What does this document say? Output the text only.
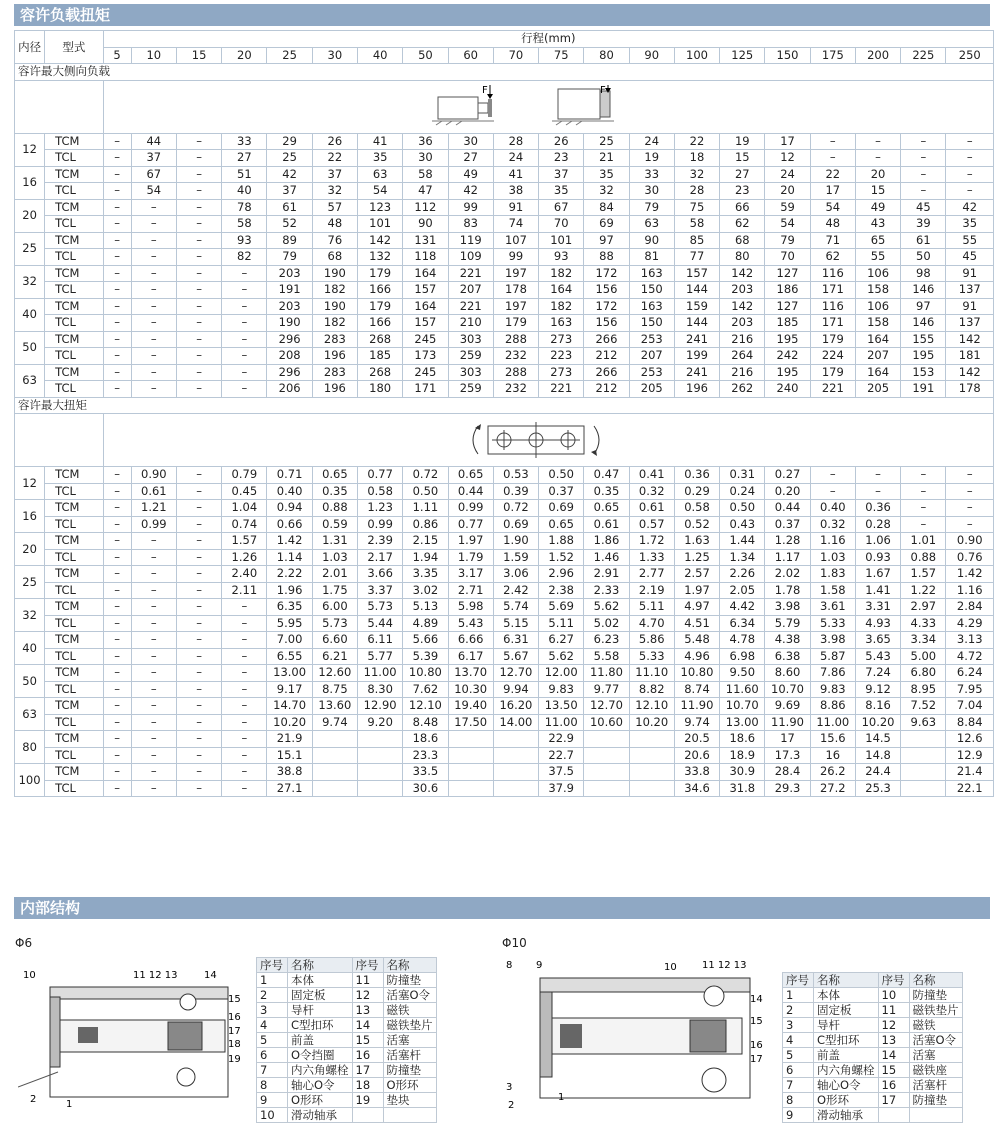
容许负载扭矩
内径	型式	行程(mm)																			
		5	10	15	20	25	30	40	50	60	70	75	80	90	100	125	150	175	200	225	250
容许最大侧向负载																					

F F																			

12	TCM	–	44	–	33	29	26	41	36	30	28	26	25	24	22	19	17	–	–	–	–
	TCL	–	37	–	27	25	22	35	30	27	24	23	21	19	18	15	12	–	–	–	–
16	TCM	–	67	–	51	42	37	63	58	49	41	37	35	33	32	27	24	22	20	–	–
	TCL	–	54	–	40	37	32	54	47	42	38	35	32	30	28	23	20	17	15	–	–
20	TCM	–	–	–	78	61	57	123	112	99	91	67	84	79	75	66	59	54	49	45	42
	TCL	–	–	–	58	52	48	101	90	83	74	70	69	63	58	62	54	48	43	39	35
25	TCM	–	–	–	93	89	76	142	131	119	107	101	97	90	85	68	79	71	65	61	55
	TCL	–	–	–	82	79	68	132	118	109	99	93	88	81	77	80	70	62	55	50	45
32	TCM	–	–	–	–	203	190	179	164	221	197	182	172	163	157	142	127	116	106	98	91
	TCL	–	–	–	–	191	182	166	157	207	178	164	156	150	144	203	186	171	158	146	137
40	TCM	–	–	–	–	203	190	179	164	221	197	182	172	163	159	142	127	116	106	97	91
	TCL	–	–	–	–	190	182	166	157	210	179	163	156	150	144	203	185	171	158	146	137
50	TCM	–	–	–	–	296	283	268	245	303	288	273	266	253	241	216	195	179	164	155	142
	TCL	–	–	–	–	208	196	185	173	259	232	223	212	207	199	264	242	224	207	195	181
63	TCM	–	–	–	–	296	283	268	245	303	288	273	266	253	241	216	195	179	164	153	142
	TCL	–	–	–	–	206	196	180	171	259	232	221	212	205	196	262	240	221	205	191	178
容许最大扭矩																					

12	TCM	–	0.90	–	0.79	0.71	0.65	0.77	0.72	0.65	0.53	0.50	0.47	0.41	0.36	0.31	0.27	–	–	–	–
	TCL	–	0.61	–	0.45	0.40	0.35	0.58	0.50	0.44	0.39	0.37	0.35	0.32	0.29	0.24	0.20	–	–	–	–
16	TCM	–	1.21	–	1.04	0.94	0.88	1.23	1.11	0.99	0.72	0.69	0.65	0.61	0.58	0.50	0.44	0.40	0.36	–	–
	TCL	–	0.99	–	0.74	0.66	0.59	0.99	0.86	0.77	0.69	0.65	0.61	0.57	0.52	0.43	0.37	0.32	0.28	–	–
20	TCM	–	–	–	1.57	1.42	1.31	2.39	2.15	1.97	1.90	1.88	1.86	1.72	1.63	1.44	1.28	1.16	1.06	1.01	0.90
	TCL	–	–	–	1.26	1.14	1.03	2.17	1.94	1.79	1.59	1.52	1.46	1.33	1.25	1.34	1.17	1.03	0.93	0.88	0.76
25	TCM	–	–	–	2.40	2.22	2.01	3.66	3.35	3.17	3.06	2.96	2.91	2.77	2.57	2.26	2.02	1.83	1.67	1.57	1.42
	TCL	–	–	–	2.11	1.96	1.75	3.37	3.02	2.71	2.42	2.38	2.33	2.19	1.97	2.05	1.78	1.58	1.41	1.22	1.16
32	TCM	–	–	–	–	6.35	6.00	5.73	5.13	5.98	5.74	5.69	5.62	5.11	4.97	4.42	3.98	3.61	3.31	2.97	2.84
	TCL	–	–	–	–	5.95	5.73	5.44	4.89	5.43	5.15	5.11	5.02	4.70	4.51	6.34	5.79	5.33	4.93	4.33	4.29
40	TCM	–	–	–	–	7.00	6.60	6.11	5.66	6.66	6.31	6.27	6.23	5.86	5.48	4.78	4.38	3.98	3.65	3.34	3.13
	TCL	–	–	–	–	6.55	6.21	5.77	5.39	6.17	5.67	5.62	5.58	5.33	4.96	6.98	6.38	5.87	5.43	5.00	4.72
50	TCM	–	–	–	–	13.00	12.60	11.00	10.80	13.70	12.70	12.00	11.80	11.10	10.80	9.50	8.60	7.86	7.24	6.80	6.24
	TCL	–	–	–	–	9.17	8.75	8.30	7.62	10.30	9.94	9.83	9.77	8.82	8.74	11.60	10.70	9.83	9.12	8.95	7.95
63	TCM	–	–	–	–	14.70	13.60	12.90	12.10	19.40	16.20	13.50	12.70	12.10	11.90	10.70	9.69	8.86	8.16	7.52	7.04
	TCL	–	–	–	–	10.20	9.74	9.20	8.48	17.50	14.00	11.00	10.60	10.20	9.74	13.00	11.90	11.00	10.20	9.63	8.84
80	TCM	–	–	–	–	21.9			18.6			22.9			20.5	18.6	17	15.6	14.5		12.6
	TCL	–	–	–	–	15.1			23.3			22.7			20.6	18.9	17.3	16	14.8		12.9
100	TCM	–	–	–	–	38.8			33.5			37.5			33.8	30.9	28.4	26.2	24.4		21.4
	TCL	–	–	–	–	27.1			30.6			37.9			34.6	31.8	29.3	27.2	25.3		22.1
内部结构
Φ6	Φ10
10	11 12 13	14
15
16
17
18
19
2	1
序号	名称	序号	名称
1	本体	11	防撞垫
2	固定板	12	活塞O令
3	导杆	13	磁铁
4	C型扣环	14	磁铁垫片
5	前盖	15	活塞
6	O令挡圈	16	活塞杆
7	内六角螺栓	17	防撞垫
8	轴心O令	18	O形环
9	O形环	19	垫块
10	滑动轴承		
8 9	10	11 12 13
14
15
16
17
3
2
1
序号	名称	序号	名称
1	本体	10	防撞垫
2	固定板	11	磁铁垫片
3	导杆	12	磁铁
4	C型扣环	13	活塞O令
5	前盖	14	活塞
6	内六角螺栓	15	磁铁座
7	轴心O令	16	活塞杆
8	O形环	17	防撞垫
9	滑动轴承		
